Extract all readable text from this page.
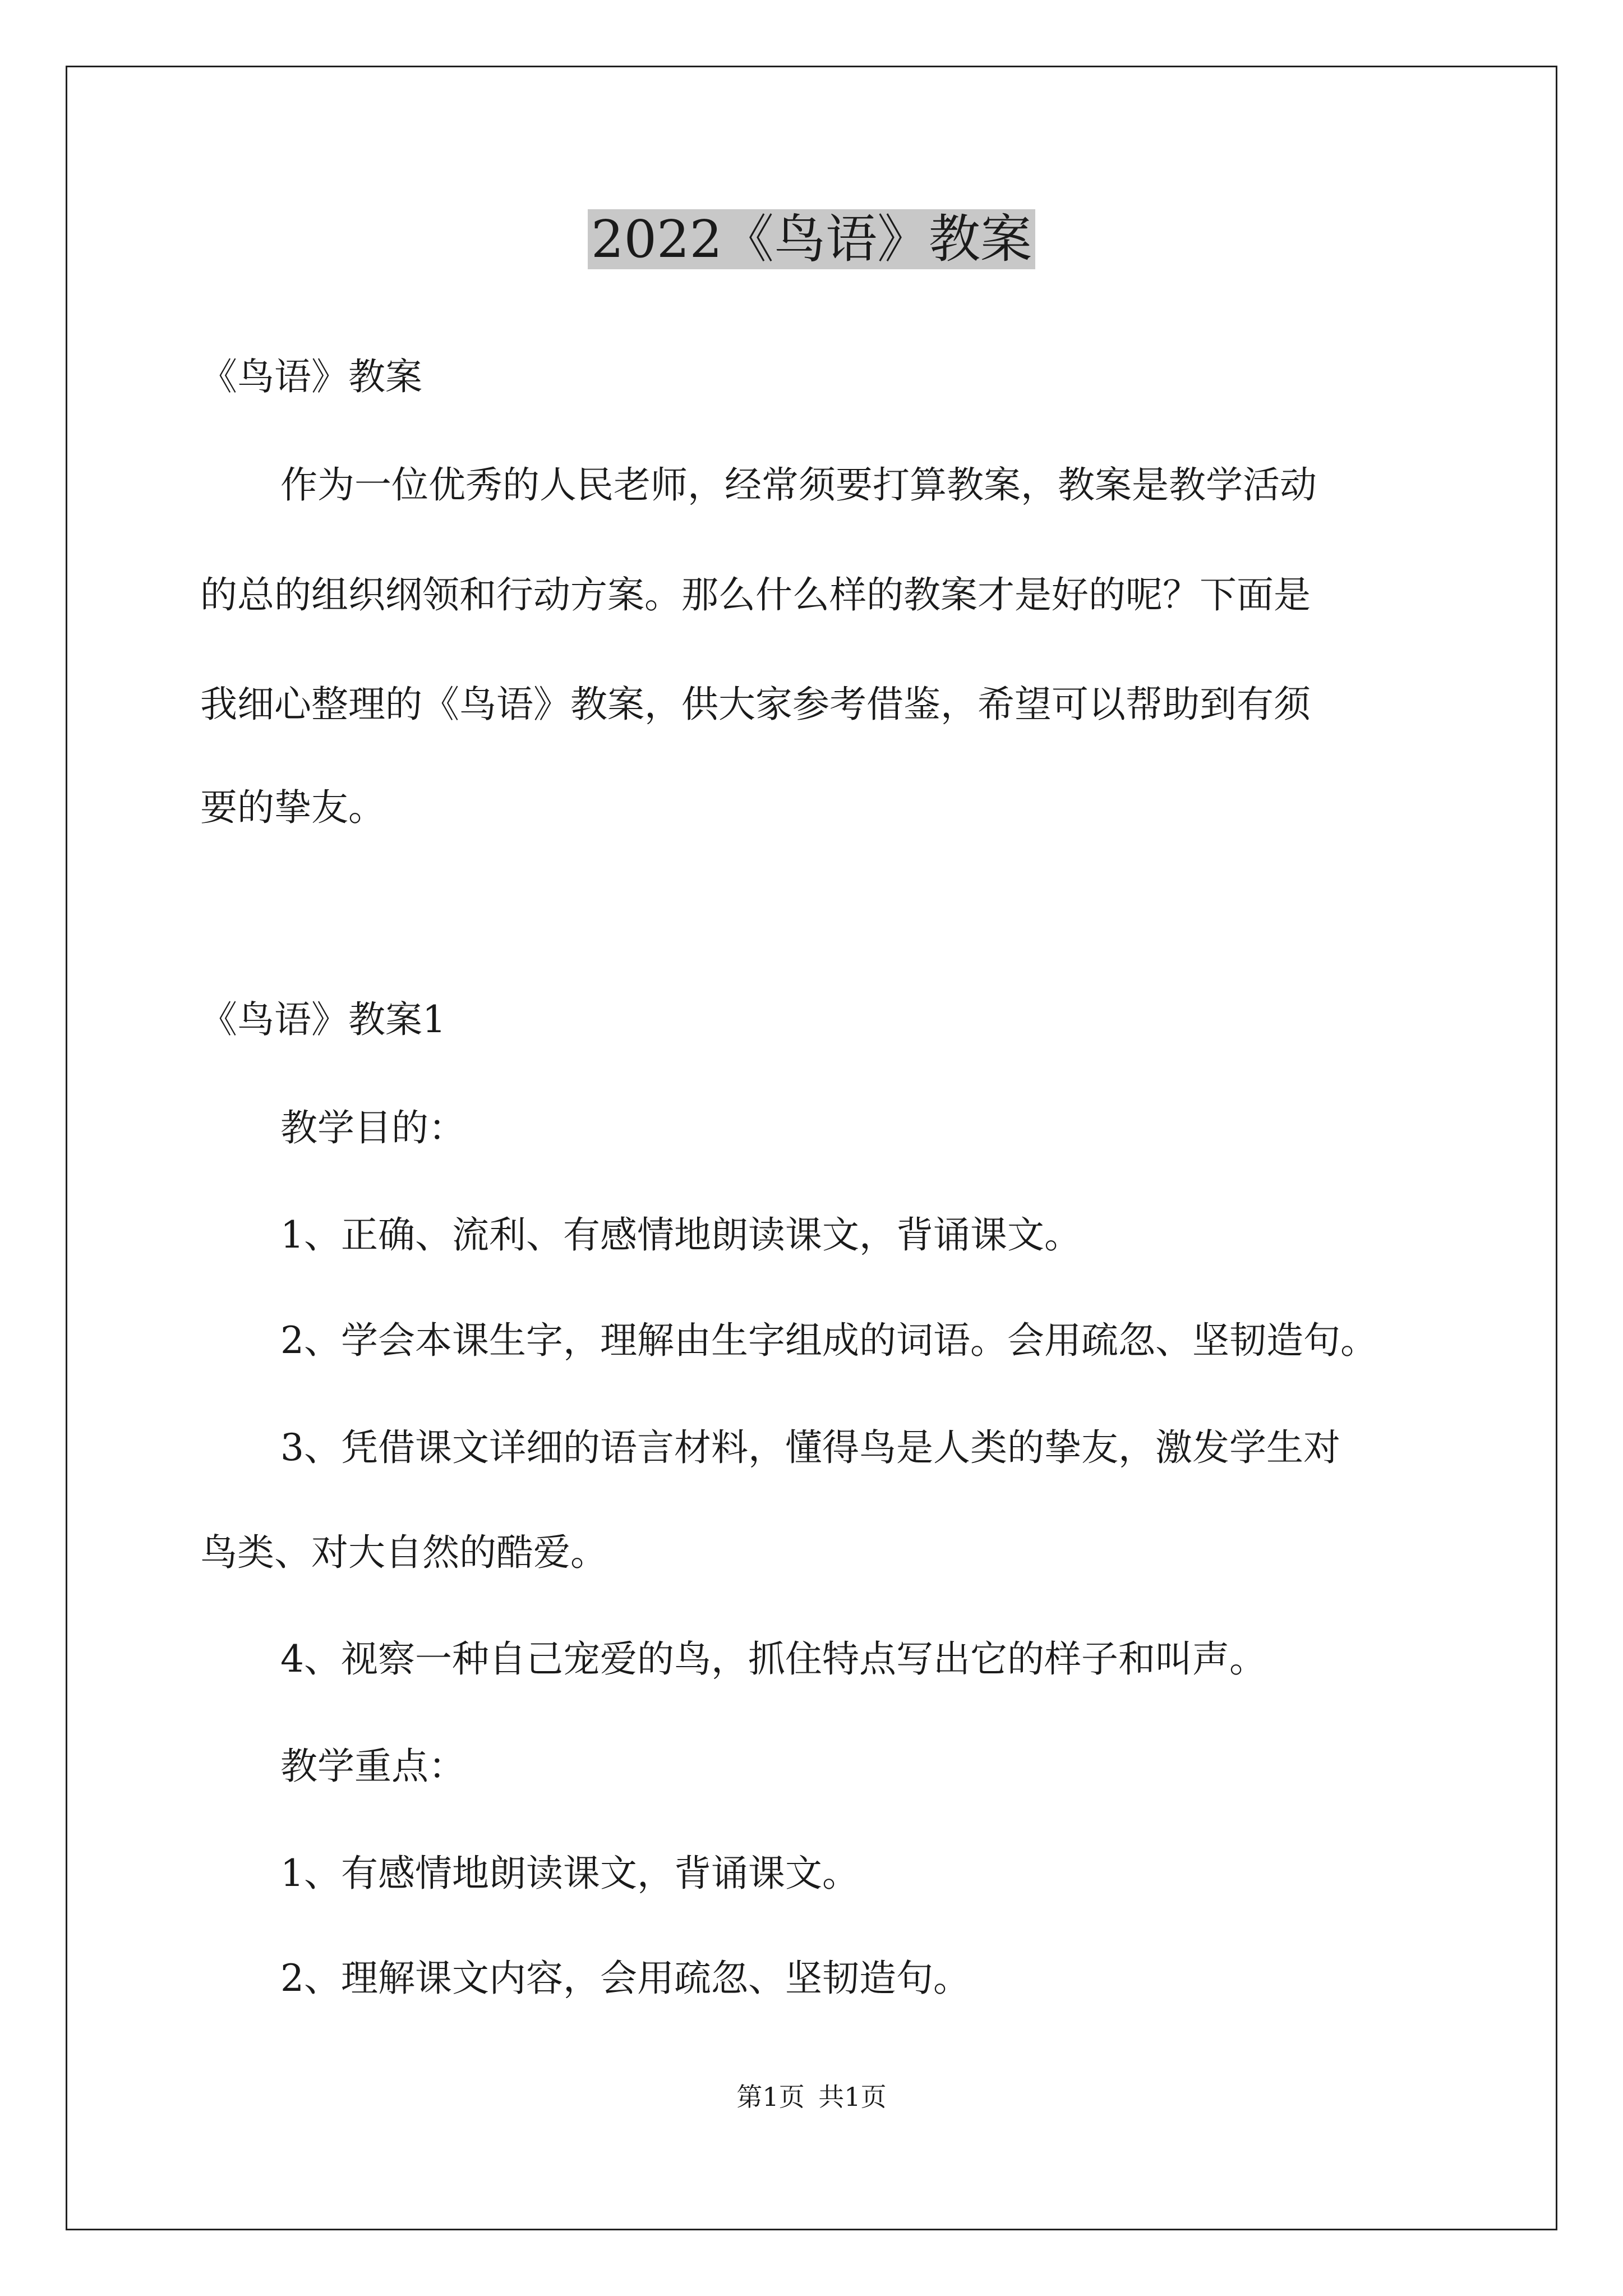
2022《鸟语》教案
《鸟语》教案
作为一位优秀的人民老师，经常须要打算教案，教案是教学活动
的总的组织纲领和行动方案。那么什么样的教案才是好的呢？下面是
我细心整理的《鸟语》教案，供大家参考借鉴，希望可以帮助到有须
要的挚友。
《鸟语》教案1
教学目的：
1、正确、流利、有感情地朗读课文，背诵课文。
2、学会本课生字，理解由生字组成的词语。会用疏忽、坚韧造句。
3、凭借课文详细的语言材料，懂得鸟是人类的挚友，激发学生对
鸟类、对大自然的酷爱。
4、视察一种自己宠爱的鸟，抓住特点写出它的样子和叫声。
教学重点：
1、有感情地朗读课文，背诵课文。
2、理解课文内容，会用疏忽、坚韧造句。
第1页 共1页
